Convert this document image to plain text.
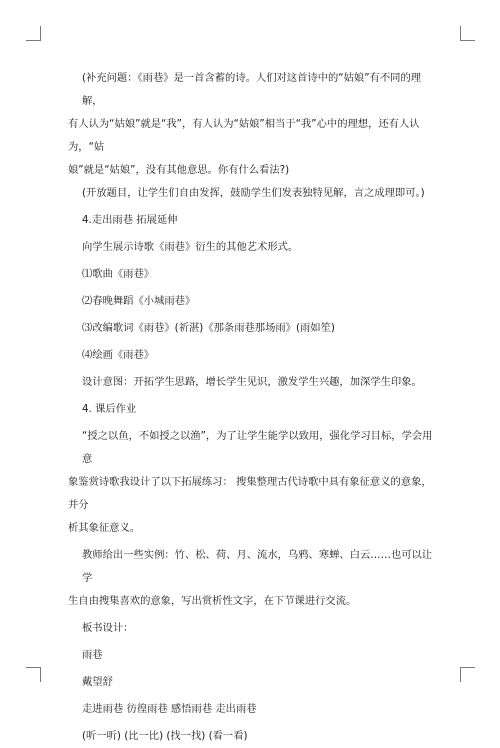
(补充问题：《雨巷》是一首含蓄的诗。人们对这首诗中的“姑娘”有不同的理解，

有人认为“姑娘”就是“我”，有人认为“姑娘”相当于“我”心中的理想，还有人认为，“姑

娘”就是“姑娘”，没有其他意思。你有什么看法?)

(开放题目，让学生们自由发挥，鼓励学生们发表独特见解，言之成理即可。)

4.走出雨巷 拓展延伸

向学生展示诗歌《雨巷》衍生的其他艺术形式。

⑴歌曲《雨巷》

⑵春晚舞蹈《小城雨巷》

⑶改编歌词《雨巷》(祈湛)《那条雨巷那场雨》(雨如笙)

⑷绘画《雨巷》

设计意图：开拓学生思路，增长学生见识，激发学生兴趣，加深学生印象。

4. 课后作业

“授之以鱼，不如授之以渔”，为了让学生能学以致用，强化学习目标，学会用意

象鉴赏诗歌我设计了以下拓展练习： 搜集整理古代诗歌中具有象征意义的意象，并分

析其象征意义。

教师给出一些实例：竹、松、荷、月、流水，乌鸦、寒蝉、白云……也可以让学

生自由搜集喜欢的意象，写出赏析性文字，在下节课进行交流。

板书设计：

雨巷

戴望舒

走进雨巷 彷徨雨巷 感悟雨巷 走出雨巷

(听一听) (比一比) (找一找) (看一看)
